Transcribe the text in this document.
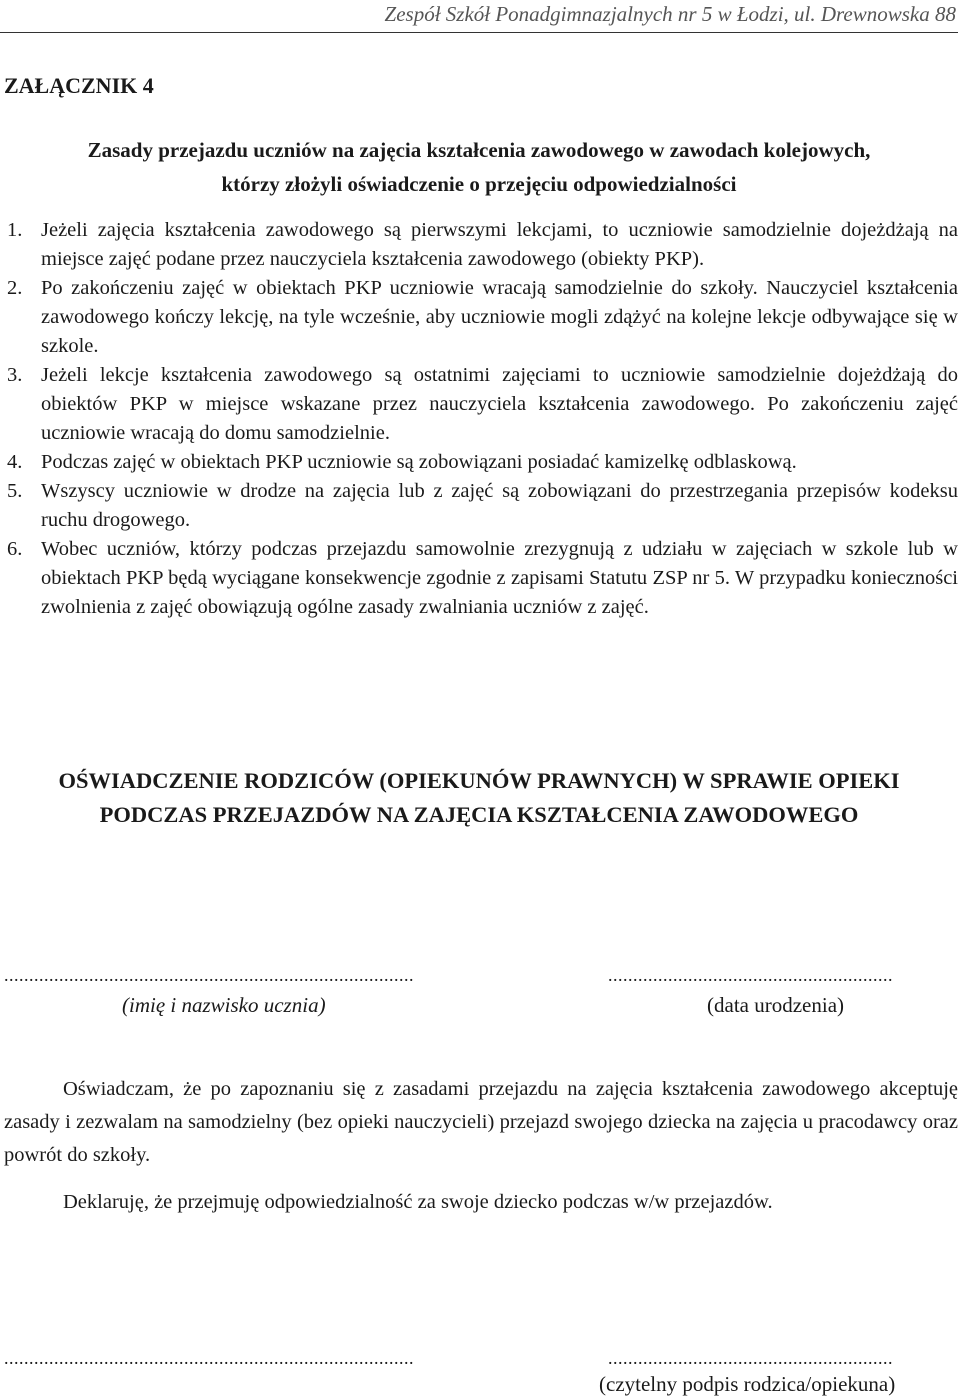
Zespół Szkół Ponadgimnazjalnych nr 5 w Łodzi, ul. Drewnowska 88
ZAŁĄCZNIK 4
Zasady przejazdu uczniów na zajęcia kształcenia zawodowego w zawodach kolejowych,
którzy złożyli oświadczenie o przejęciu odpowiedzialności
1. Jeżeli zajęcia kształcenia zawodowego są pierwszymi lekcjami, to uczniowie samodzielnie dojeżdżają na miejsce zajęć podane przez nauczyciela kształcenia zawodowego (obiekty PKP).
2. Po zakończeniu zajęć w obiektach PKP uczniowie wracają samodzielnie do szkoły. Nauczyciel kształcenia zawodowego kończy lekcję, na tyle wcześnie, aby uczniowie mogli zdążyć na kolejne lekcje odbywające się w szkole.
3. Jeżeli lekcje kształcenia zawodowego są ostatnimi zajęciami to uczniowie samodzielnie dojeżdżają do obiektów PKP w miejsce wskazane przez nauczyciela kształcenia zawodowego. Po zakończeniu zajęć uczniowie wracają do domu samodzielnie.
4. Podczas zajęć w obiektach PKP uczniowie są zobowiązani posiadać kamizelkę odblaskową.
5. Wszyscy uczniowie w drodze na zajęcia lub z zajęć są zobowiązani do przestrzegania przepisów kodeksu ruchu drogowego.
6. Wobec uczniów, którzy podczas przejazdu samowolnie zrezygnują z udziału w zajęciach w szkole lub w obiektach PKP będą wyciągane konsekwencje zgodnie z zapisami Statutu ZSP nr 5. W przypadku konieczności zwolnienia z zajęć obowiązują ogólne zasady zwalniania uczniów z zajęć.
OŚWIADCZENIE RODZICÓW (OPIEKUNÓW PRAWNYCH) W SPRAWIE OPIEKI
PODCZAS PRZEJAZDÓW NA ZAJĘCIA KSZTAŁCENIA ZAWODOWEGO
..................................................................................
(imię i nazwisko ucznia)
.........................................................
(data urodzenia)

Oświadczam, że po zapoznaniu się z zasadami przejazdu na zajęcia kształcenia zawodowego akceptuję zasady i zezwalam na samodzielny (bez opieki nauczycieli) przejazd swojego dziecka na zajęcia u pracodawcy oraz powrót do szkoły.

Deklaruję, że przejmuję odpowiedzialność za swoje dziecko podczas w/w przejazdów.

..................................................................................	.........................................................
(czytelny podpis rodzica/opiekuna)
